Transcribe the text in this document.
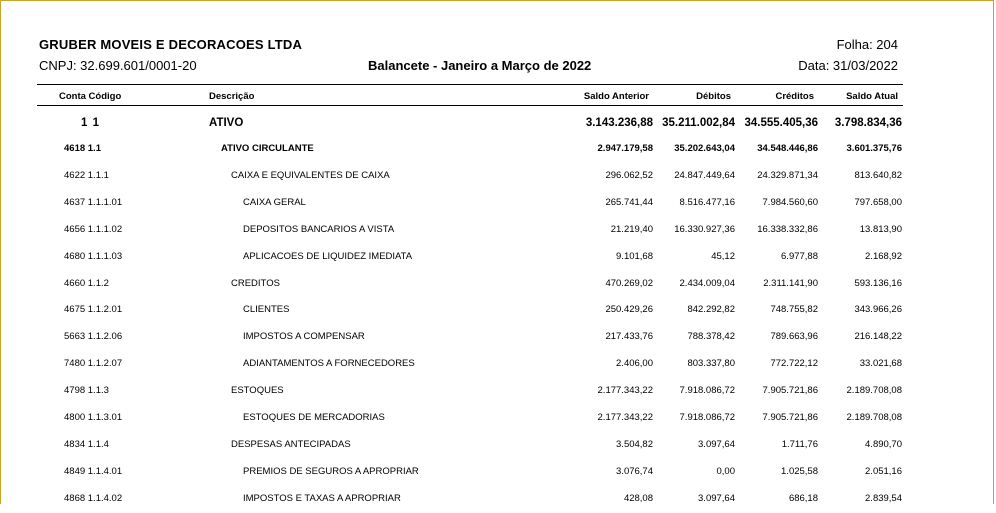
GRUBER MOVEIS E DECORACOES LTDA	Folha: 204
CNPJ: 32.699.601/0001-20	Balancete - Janeiro a Março de 2022	Data: 31/03/2022
Conta Código	Descrição	Saldo Anterior	Débitos	Créditos	Saldo Atual
1 1	ATIVO	3.143.236,88 35.211.002,84 34.555.405,36	3.798.834,36
4618 1.1	ATIVO CIRCULANTE	2.947.179,58	35.202.643,04	34.548.446,86	3.601.375,76
4622 1.1.1	CAIXA E EQUIVALENTES DE CAIXA	296.062,52	24.847.449,64	24.329.871,34	813.640,82
4637 1.1.1.01	CAIXA GERAL	265.741,44	8.516.477,16	7.984.560,60	797.658,00
4656 1.1.1.02	DEPOSITOS BANCARIOS A VISTA	21.219,40	16.330.927,36	16.338.332,86	13.813,90
4680 1.1.1.03	APLICACOES DE LIQUIDEZ IMEDIATA	9.101,68	45,12	6.977,88	2.168,92
4660 1.1.2	CREDITOS	470.269,02	2.434.009,04	2.311.141,90	593.136,16
4675 1.1.2.01	CLIENTES	250.429,26	842.292,82	748.755,82	343.966,26
5663 1.1.2.06	IMPOSTOS A COMPENSAR	217.433,76	788.378,42	789.663,96	216.148,22
7480 1.1.2.07	ADIANTAMENTOS A FORNECEDORES	2.406,00	803.337,80	772.722,12	33.021,68
4798 1.1.3	ESTOQUES	2.177.343,22	7.918.086,72	7.905.721,86	2.189.708,08
4800 1.1.3.01	ESTOQUES DE MERCADORIAS	2.177.343,22	7.918.086,72	7.905.721,86	2.189.708,08
4834 1.1.4	DESPESAS ANTECIPADAS	3.504,82	3.097,64	1.711,76	4.890,70
4849 1.1.4.01	PREMIOS DE SEGUROS A APROPRIAR	3.076,74	0,00	1.025,58	2.051,16
4868 1.1.4.02	IMPOSTOS E TAXAS A APROPRIAR	428,08	3.097,64	686,18	2.839,54
